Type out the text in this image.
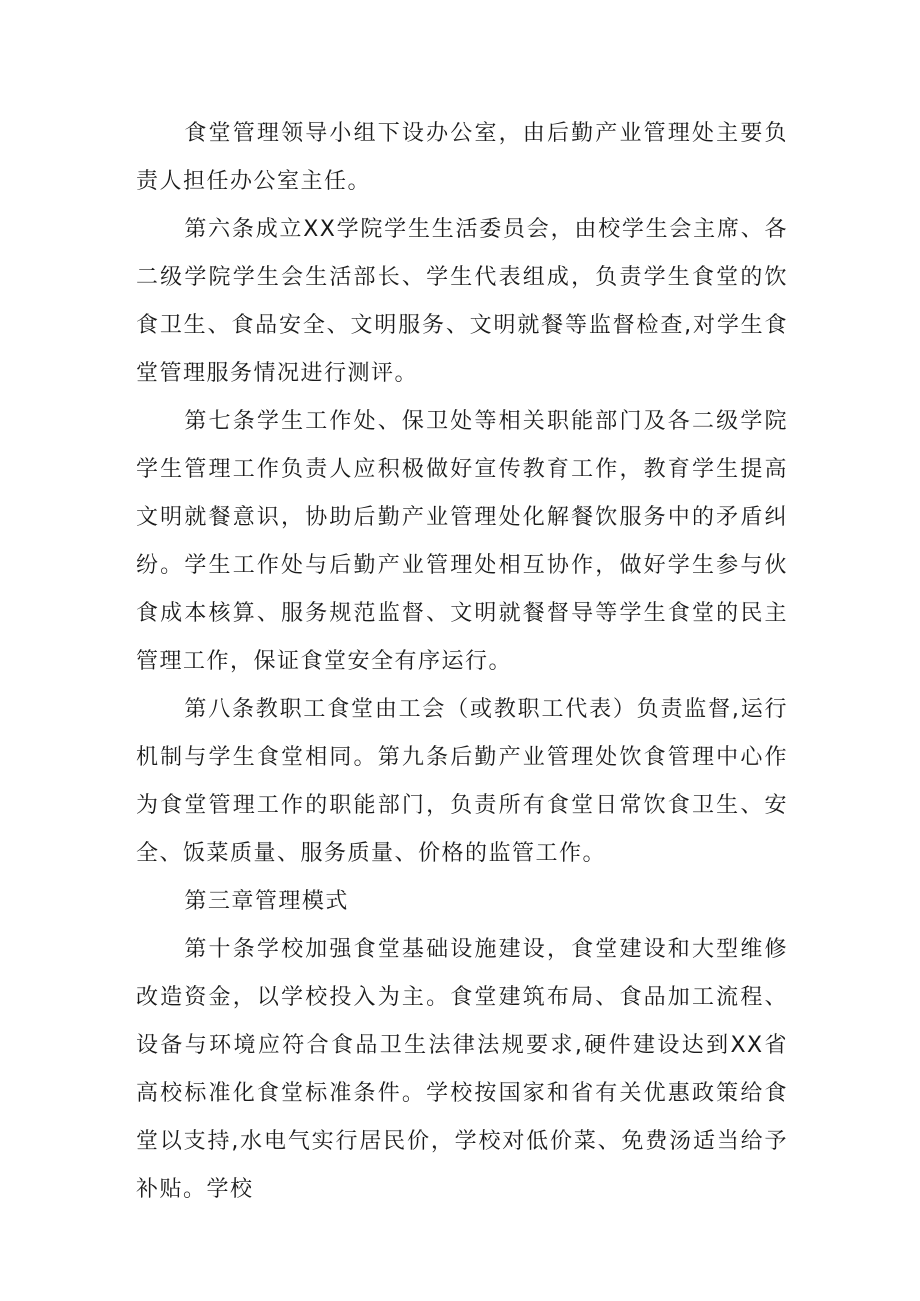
食堂管理领导小组下设办公室，由后勤产业管理处主要负责人担任办公室主任。

第六条成立XX学院学生生活委员会，由校学生会主席、各二级学院学生会生活部长、学生代表组成，负责学生食堂的饮食卫生、食品安全、文明服务、文明就餐等监督检查,对学生食堂管理服务情况进行测评。

第七条学生工作处、保卫处等相关职能部门及各二级学院学生管理工作负责人应积极做好宣传教育工作，教育学生提高文明就餐意识，协助后勤产业管理处化解餐饮服务中的矛盾纠纷。学生工作处与后勤产业管理处相互协作，做好学生参与伙食成本核算、服务规范监督、文明就餐督导等学生食堂的民主管理工作，保证食堂安全有序运行。

第八条教职工食堂由工会（或教职工代表）负责监督,运行机制与学生食堂相同。第九条后勤产业管理处饮食管理中心作为食堂管理工作的职能部门，负责所有食堂日常饮食卫生、安全、饭菜质量、服务质量、价格的监管工作。

第三章管理模式

第十条学校加强食堂基础设施建设，食堂建设和大型维修改造资金，以学校投入为主。食堂建筑布局、食品加工流程、设备与环境应符合食品卫生法律法规要求,硬件建设达到XX省高校标准化食堂标准条件。学校按国家和省有关优惠政策给食堂以支持,水电气实行居民价，学校对低价菜、免费汤适当给予补贴。学校
